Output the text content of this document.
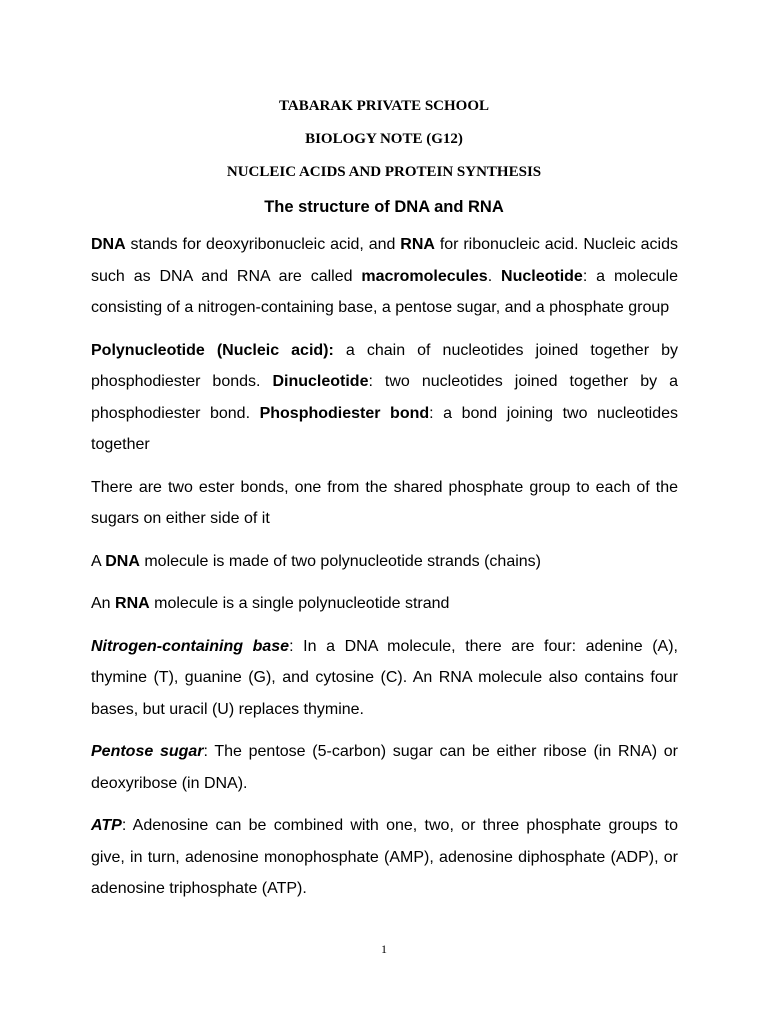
TABARAK PRIVATE SCHOOL
BIOLOGY NOTE (G12)
NUCLEIC ACIDS AND PROTEIN SYNTHESIS
The structure of DNA and RNA

DNA stands for deoxyribonucleic acid, and RNA for ribonucleic acid. Nucleic acids such as DNA and RNA are called macromolecules. Nucleotide: a molecule consisting of a nitrogen-containing base, a pentose sugar, and a phosphate group

Polynucleotide (Nucleic acid): a chain of nucleotides joined together by phosphodiester bonds. Dinucleotide: two nucleotides joined together by a phosphodiester bond. Phosphodiester bond: a bond joining two nucleotides together

There are two ester bonds, one from the shared phosphate group to each of the sugars on either side of it

A DNA molecule is made of two polynucleotide strands (chains)

An RNA molecule is a single polynucleotide strand

Nitrogen-containing base: In a DNA molecule, there are four: adenine (A), thymine (T), guanine (G), and cytosine (C). An RNA molecule also contains four bases, but uracil (U) replaces thymine.

Pentose sugar: The pentose (5-carbon) sugar can be either ribose (in RNA) or deoxyribose (in DNA).

ATP: Adenosine can be combined with one, two, or three phosphate groups to give, in turn, adenosine monophosphate (AMP), adenosine diphosphate (ADP), or adenosine triphosphate (ATP).

1
